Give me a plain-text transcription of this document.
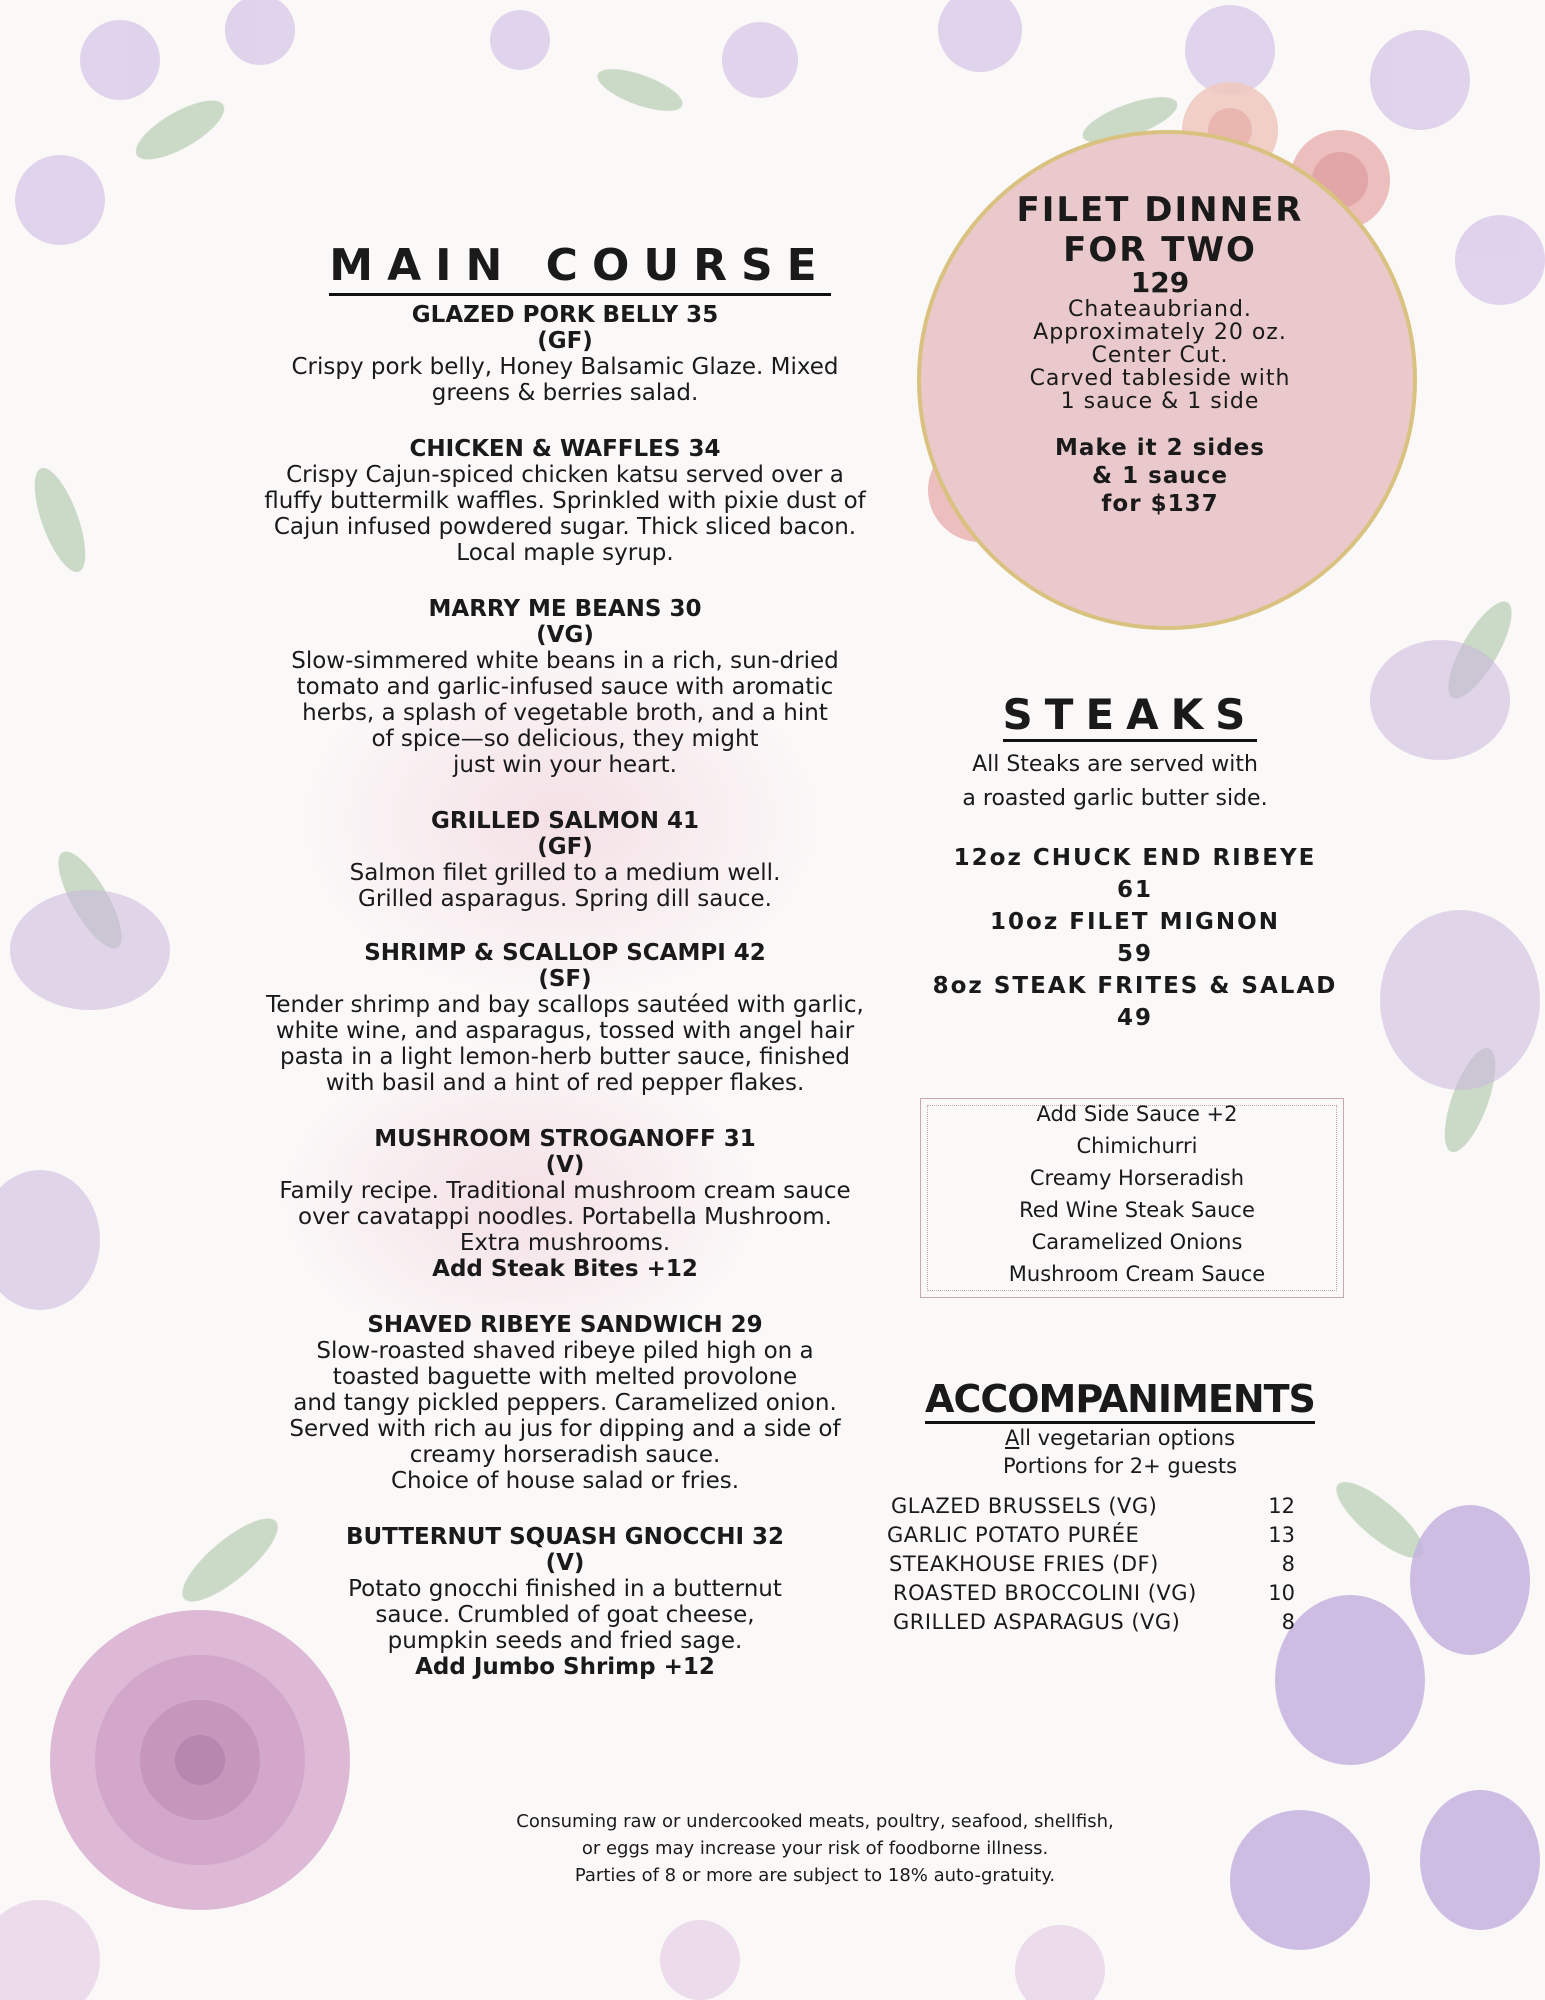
MAIN COURSE
GLAZED PORK BELLY 35
(GF)
Crispy pork belly, Honey Balsamic Glaze. Mixed
greens & berries salad.
CHICKEN & WAFFLES 34
Crispy Cajun-spiced chicken katsu served over a
fluffy buttermilk waffles. Sprinkled with pixie dust of
Cajun infused powdered sugar. Thick sliced bacon.
Local maple syrup.
MARRY ME BEANS 30
(VG)
Slow-simmered white beans in a rich, sun-dried
tomato and garlic-infused sauce with aromatic
herbs, a splash of vegetable broth, and a hint
of spice—so delicious, they might
just win your heart.
GRILLED SALMON 41
(GF)
Salmon filet grilled to a medium well.
Grilled asparagus. Spring dill sauce.
SHRIMP & SCALLOP SCAMPI 42
(SF)
Tender shrimp and bay scallops sautéed with garlic,
white wine, and asparagus, tossed with angel hair
pasta in a light lemon-herb butter sauce, finished
with basil and a hint of red pepper flakes.
MUSHROOM STROGANOFF 31
(V)
Family recipe. Traditional mushroom cream sauce
over cavatappi noodles. Portabella Mushroom.
Extra mushrooms.
Add Steak Bites +12
SHAVED RIBEYE SANDWICH 29
Slow-roasted shaved ribeye piled high on a
toasted baguette with melted provolone
and tangy pickled peppers. Caramelized onion.
Served with rich au jus for dipping and a side of
creamy horseradish sauce.
Choice of house salad or fries.
BUTTERNUT SQUASH GNOCCHI 32
(V)
Potato gnocchi finished in a butternut
sauce. Crumbled of goat cheese,
pumpkin seeds and fried sage.
Add Jumbo Shrimp +12
FILET DINNER
FOR TWO
129
Chateaubriand.
Approximately 20 oz.
Center Cut.
Carved tableside with
1 sauce & 1 side
Make it 2 sides
& 1 sauce
for $137
STEAKS
All Steaks are served with
a roasted garlic butter side.
12oz CHUCK END RIBEYE
61
10oz FILET MIGNON
59
8oz STEAK FRITES & SALAD
49
Add Side Sauce +2
Chimichurri
Creamy Horseradish
Red Wine Steak Sauce
Caramelized Onions
Mushroom Cream Sauce
ACCOMPANIMENTS
All vegetarian options
Portions for 2+ guests
GLAZED BRUSSELS (VG)	12
GARLIC POTATO PURÉE	13
STEAKHOUSE FRIES (DF)	8
ROASTED BROCCOLINI (VG)	10
GRILLED ASPARAGUS (VG)	8
Consuming raw or undercooked meats, poultry, seafood, shellfish,
or eggs may increase your risk of foodborne illness.
Parties of 8 or more are subject to 18% auto-gratuity.
